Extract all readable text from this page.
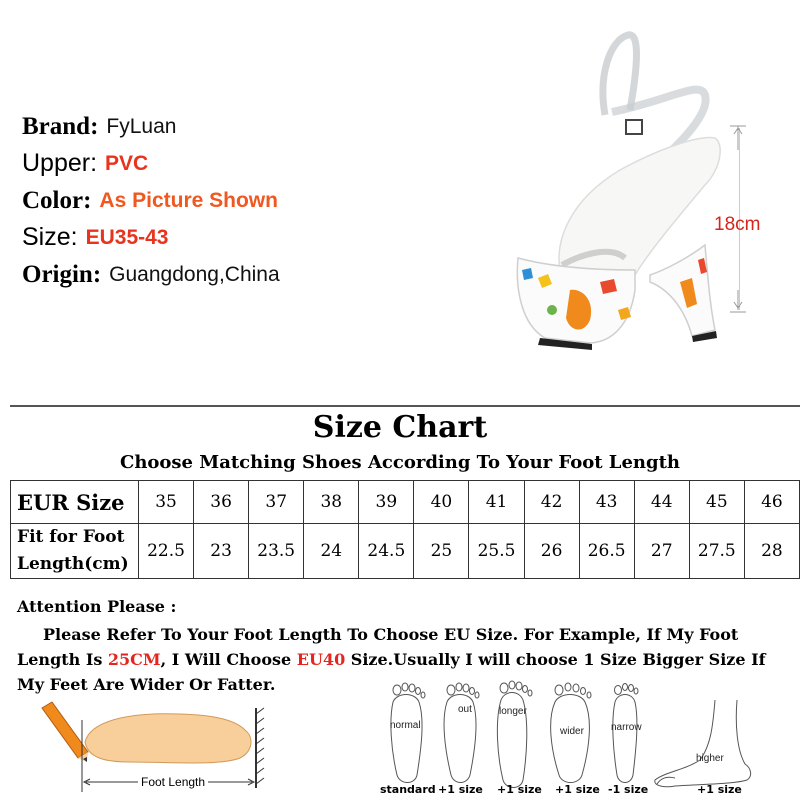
Brand: FyLuan
Upper: PVC
Color: As Picture Shown
Size: EU35-43
Origin: Guangdong,China
18cm
Size Chart
Choose Matching Shoes According To Your Foot Length
EUR Size	35	36	37	38	39	40	41	42	43	44	45	46
Fit for Foot
Length(cm)	22.5	23	23.5	24	24.5	25	25.5	26	26.5	27	27.5	28
Attention Please :
Please Refer To Your Foot Length To Choose EU Size. For Example, If My Foot Length Is 25CM, I Will Choose EU40 Size.Usually I will choose 1 Size Bigger Size If My Feet Are Wider Or Fatter.
Foot Length
normal
out	longer
wider	narrow
higher
standard +1 size +1 size +1 size -1 size	+1 size
